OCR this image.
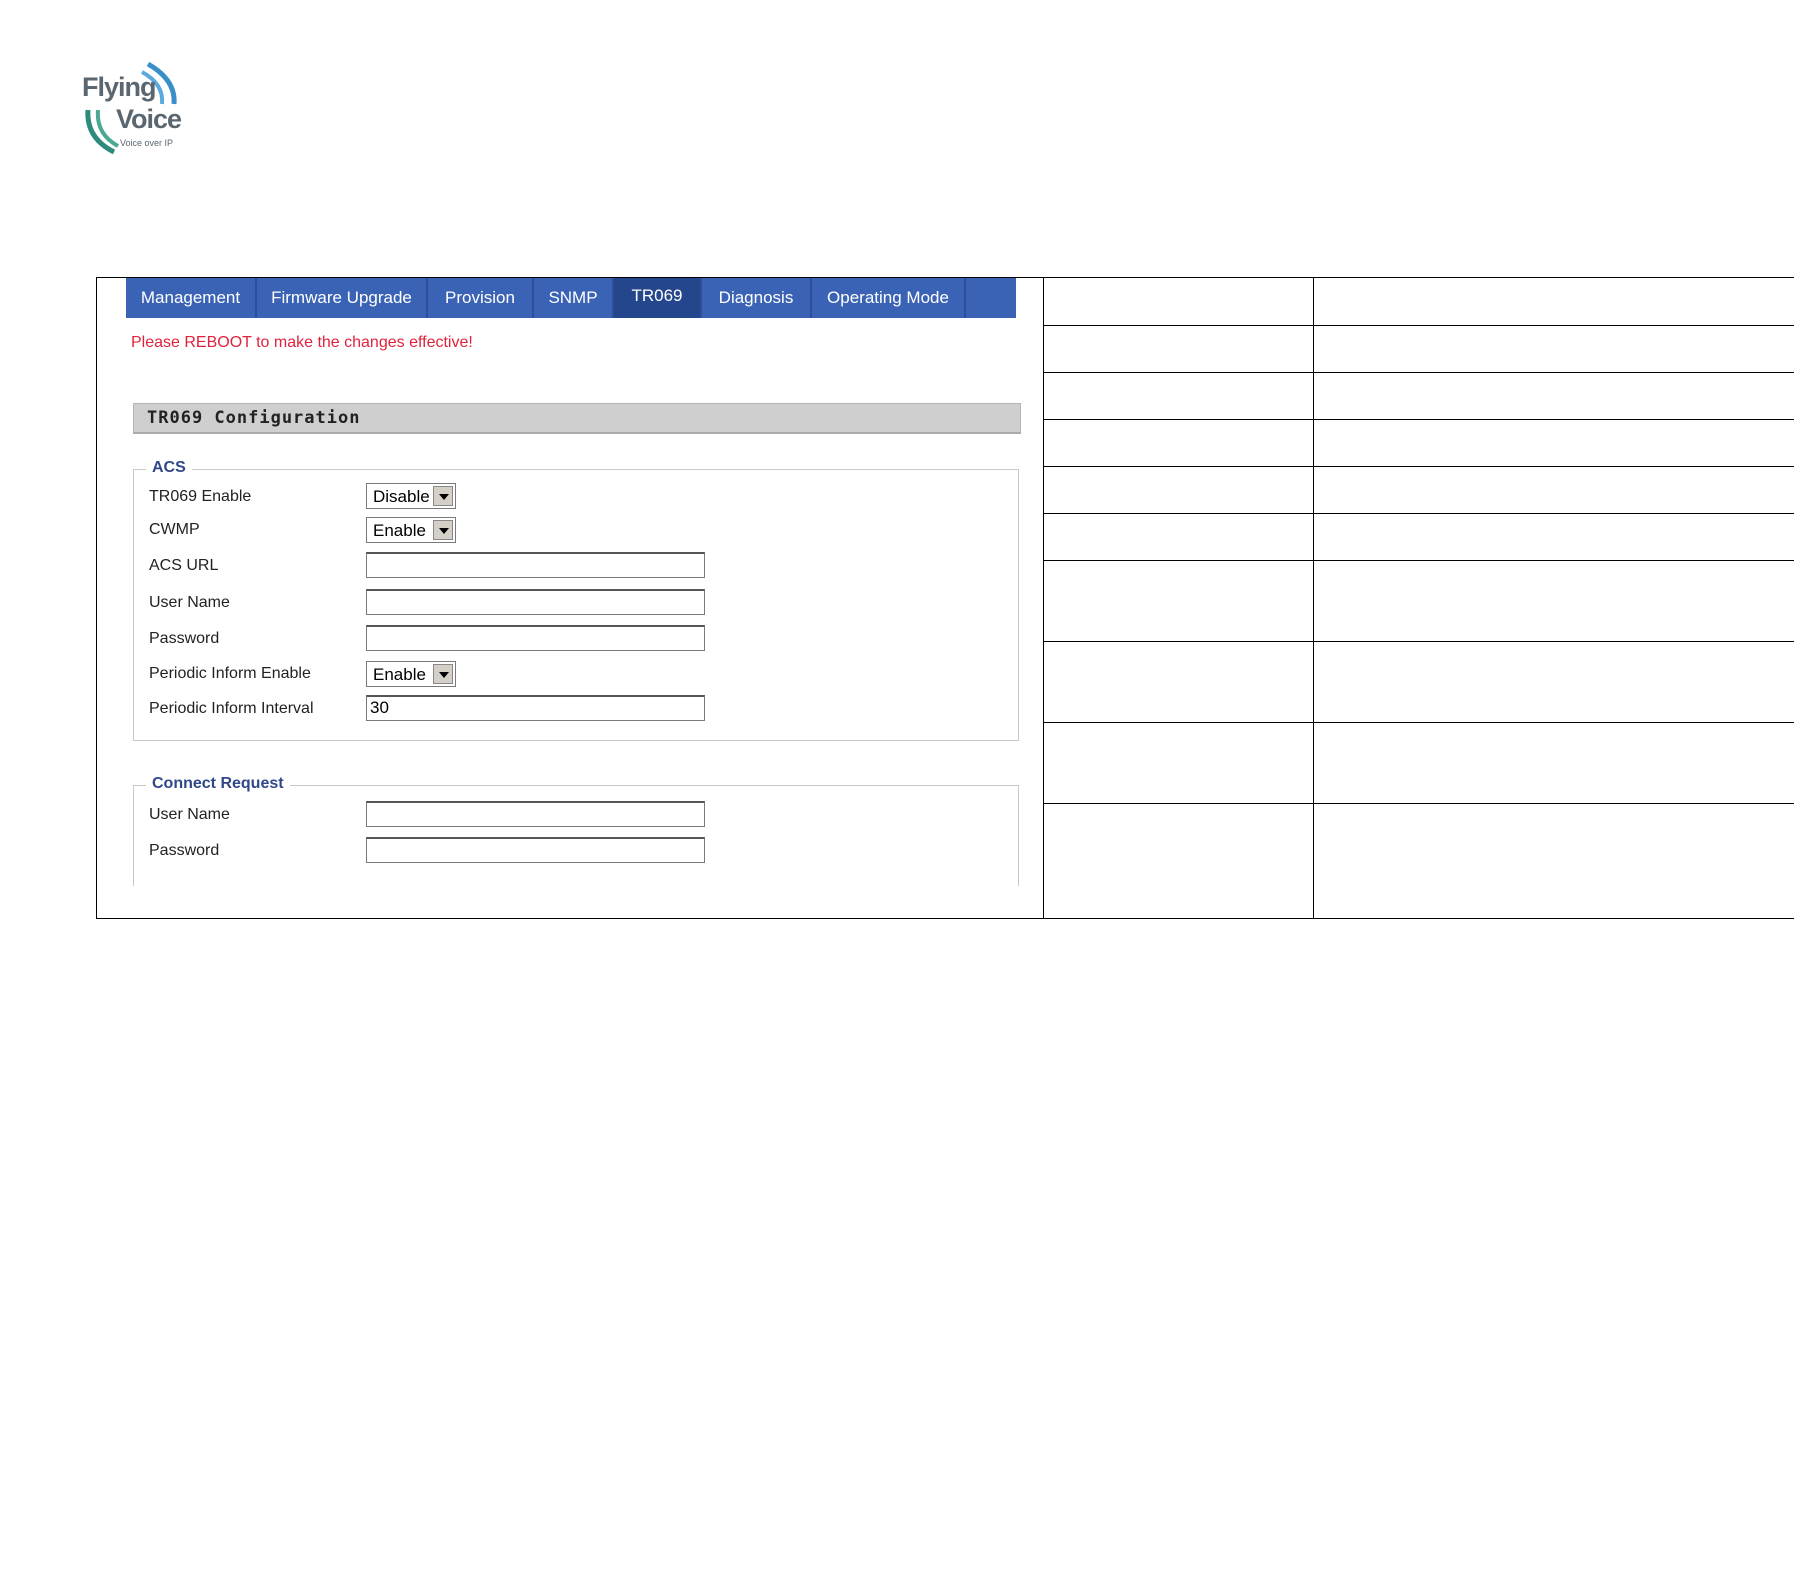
Flying
Voice
Voice over IP
Management	Firmware Upgrade	Provision	SNMP	TR069	Diagnosis	Operating Mode
Please REBOOT to make the changes effective!
TR069 Configuration
ACS
TR069 Enable	Disable
CWMP	Enable
ACS URL
User Name
Password
Periodic Inform Enable	Enable
Periodic Inform Interval	30
Connect Request
User Name
Password
